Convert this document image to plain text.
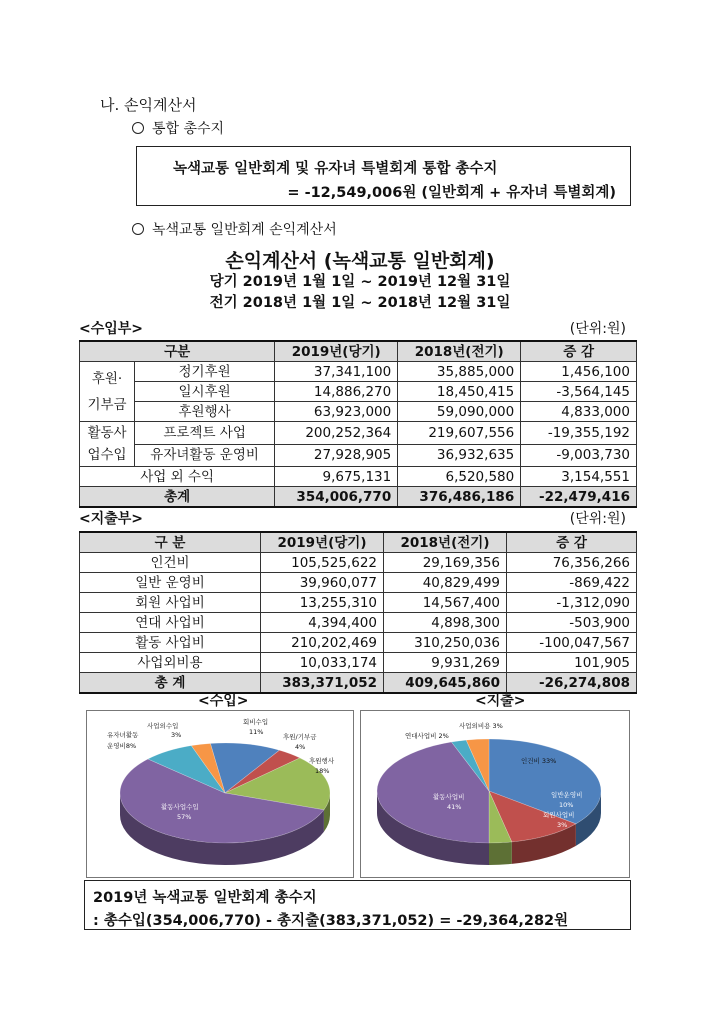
나. 손익계산서
통합 총수지
녹색교통 일반회계 및 유자녀 특별회계 통합 총수지
= -12,549,006원 (일반회계 + 유자녀 특별회계)
녹색교통 일반회계 손익계산서
손익계산서 (녹색교통 일반회계)
당기 2019년 1월 1일 ~ 2019년 12월 31일
전기 2018년 1월 1일 ~ 2018년 12월 31일
<수입부>	(단위:원)
구분		2019년(당기)	2018년(전기)	증 감
후원·
기부금	정기후원	37,341,100	35,885,000	1,456,100
	일시후원	14,886,270	18,450,415	-3,564,145
	후원행사	63,923,000	59,090,000	4,833,000
활동사
업수입	프로젝트 사업	200,252,364	219,607,556	-19,355,192
	유자녀활동 운영비	27,928,905	36,932,635	-9,003,730
사업 외 수익		9,675,131	6,520,580	3,154,551
총계		354,006,770	376,486,186	-22,479,416
<지출부>	(단위:원)
구 분	2019년(당기)	2018년(전기)	증 감
인건비	105,525,622	29,169,356	76,356,266
일반 운영비	39,960,077	40,829,499	-869,422
회원 사업비	13,255,310	14,567,400	-1,312,090
연대 사업비	4,394,400	4,898,300	-503,900
활동 사업비	210,202,469	310,250,036	-100,047,567
사업외비용	10,033,174	9,931,269	101,905
총 계	383,371,052	409,645,860	-26,274,808
<수입>	<지출>
사업외수입
3%
유자녀활동
운영비8%
회비수입
11%
후원/기부금
4%
후원행사
18%
활동사업수입
57%
사업외비용 3%
연대사업비 2%
인건비 33%
일반운영비
10%
회원사업비
3%
활동사업비
41%
2019년 녹색교통 일반회계 총수지
: 총수입(354,006,770) - 총지출(383,371,052) = -29,364,282원
